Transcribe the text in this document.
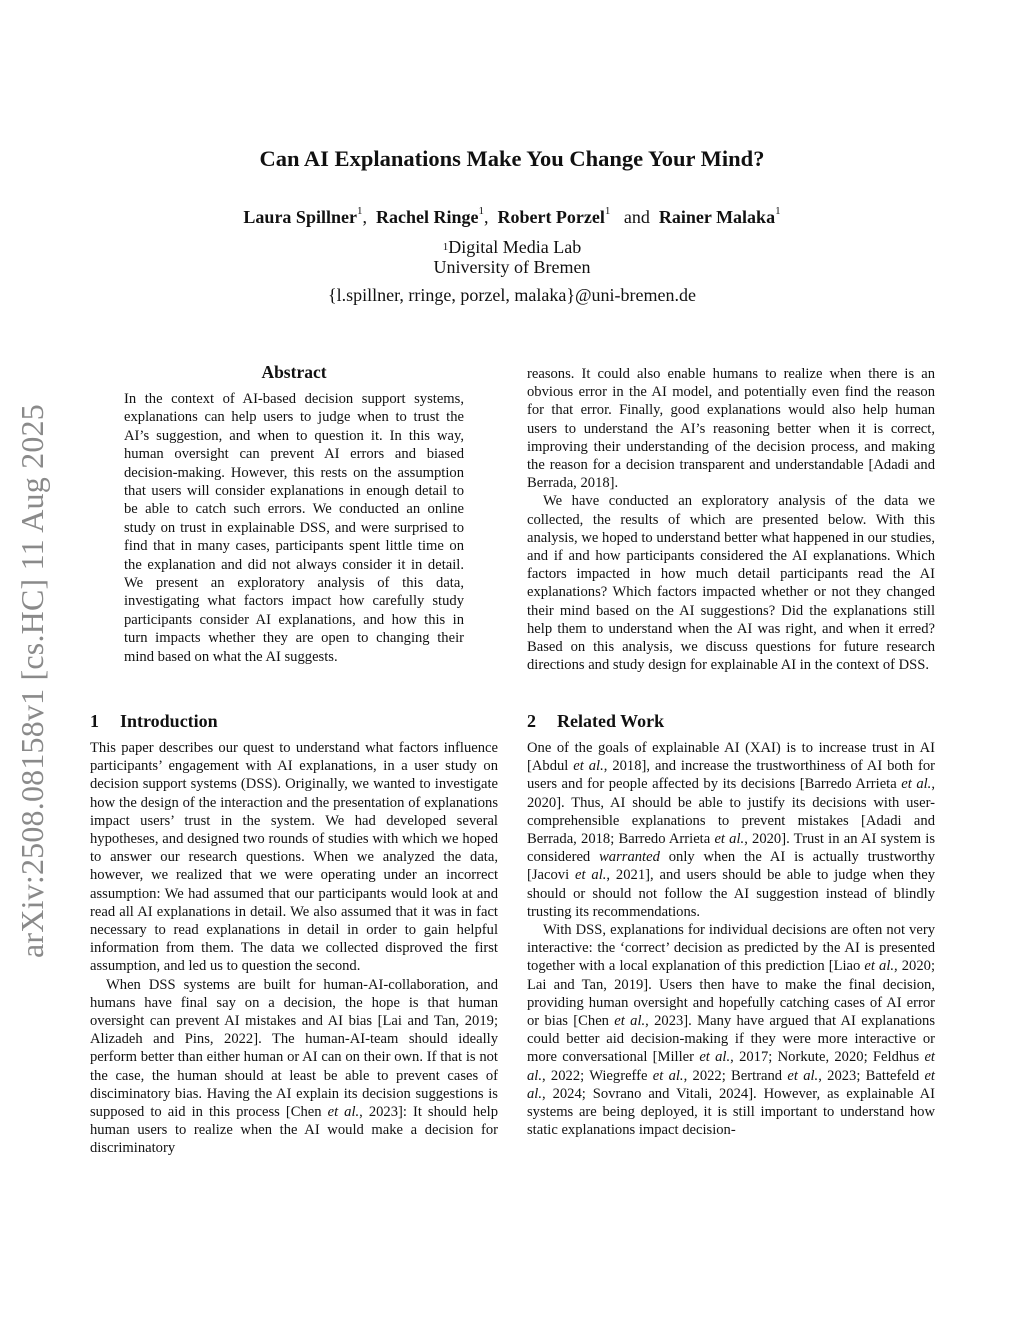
arXiv:2508.08158v1 [cs.HC] 11 Aug 2025
Can AI Explanations Make You Change Your Mind?
Laura Spillner$^1$, Rachel Ringe$^1$, Robert Porzel$^1$ and Rainer Malaka$^1$
$^1$Digital Media Lab
University of Bremen
{l.spillner, rringe, porzel, malaka}@uni-bremen.de
Abstract
In the context of AI-based decision support systems, explanations can help users to judge when to trust the AI’s suggestion, and when to question it. In this way, human oversight can prevent AI errors and biased decision-making. However, this rests on the assumption that users will consider explanations in enough detail to be able to catch such errors. We conducted an online study on trust in explainable DSS, and were surprised to find that in many cases, participants spent little time on the explanation and did not always consider it in detail. We present an exploratory analysis of this data, investigating what factors impact how carefully study participants consider AI explanations, and how this in turn impacts whether they are open to changing their mind based on what the AI suggests.
1 Introduction

This paper describes our quest to understand what factors influence participants’ engagement with AI explanations, in a user study on decision support systems (DSS). Originally, we wanted to investigate how the design of the interaction and the presentation of explanations impact users’ trust in the system. We had developed several hypotheses, and designed two rounds of studies with which we hoped to answer our research questions. When we analyzed the data, however, we realized that we were operating under an incorrect assumption: We had assumed that our participants would look at and read all AI explanations in detail. We also assumed that it was in fact necessary to read explanations in detail in order to gain helpful information from them. The data we collected disproved the first assumption, and led us to question the second.

When DSS systems are built for human-AI-collaboration, and humans have final say on a decision, the hope is that human oversight can prevent AI mistakes and AI bias [Lai and Tan, 2019; Alizadeh and Pins, 2022]. The human-AI-team should ideally perform better than either human or AI can on their own. If that is not the case, the human should at least be able to prevent cases of disciminatory bias. Having the AI explain its decision suggestions is supposed to aid in this process [Chen et al., 2023]: It should help human users to realize when the AI would make a decision for discriminatory

reasons. It could also enable humans to realize when there is an obvious error in the AI model, and potentially even find the reason for that error. Finally, good explanations would also help human users to understand the AI’s reasoning better when it is correct, improving their understanding of the decision process, and making the reason for a decision transparent and understandable [Adadi and Berrada, 2018].

We have conducted an exploratory analysis of the data we collected, the results of which are presented below. With this analysis, we hoped to understand better what happened in our studies, and if and how participants considered the AI explanations. Which factors impacted in how much detail participants read the AI explanations? Which factors impacted whether or not they changed their mind based on the AI suggestions? Did the explanations still help them to understand when the AI was right, and when it erred? Based on this analysis, we discuss questions for future research directions and study design for explainable AI in the context of DSS.

2 Related Work

One of the goals of explainable AI (XAI) is to increase trust in AI [Abdul et al., 2018], and increase the trustworthiness of AI both for users and for people affected by its decisions [Barredo Arrieta et al., 2020]. Thus, AI should be able to justify its decisions with user-comprehensible explanations to prevent mistakes [Adadi and Berrada, 2018; Barredo Arrieta et al., 2020]. Trust in an AI system is considered warranted only when the AI is actually trustworthy [Jacovi et al., 2021], and users should be able to judge when they should or should not follow the AI suggestion instead of blindly trusting its recommendations.

With DSS, explanations for individual decisions are often not very interactive: the ‘correct’ decision as predicted by the AI is presented together with a local explanation of this prediction [Liao et al., 2020; Lai and Tan, 2019]. Users then have to make the final decision, providing human oversight and hopefully catching cases of AI error or bias [Chen et al., 2023]. Many have argued that AI explanations could better aid decision-making if they were more interactive or more conversational [Miller et al., 2017; Norkute, 2020; Feldhus et al., 2022; Wiegreffe et al., 2022; Bertrand et al., 2023; Battefeld et al., 2024; Sovrano and Vitali, 2024]. However, as explainable AI systems are being deployed, it is still important to understand how static explanations impact decision-
